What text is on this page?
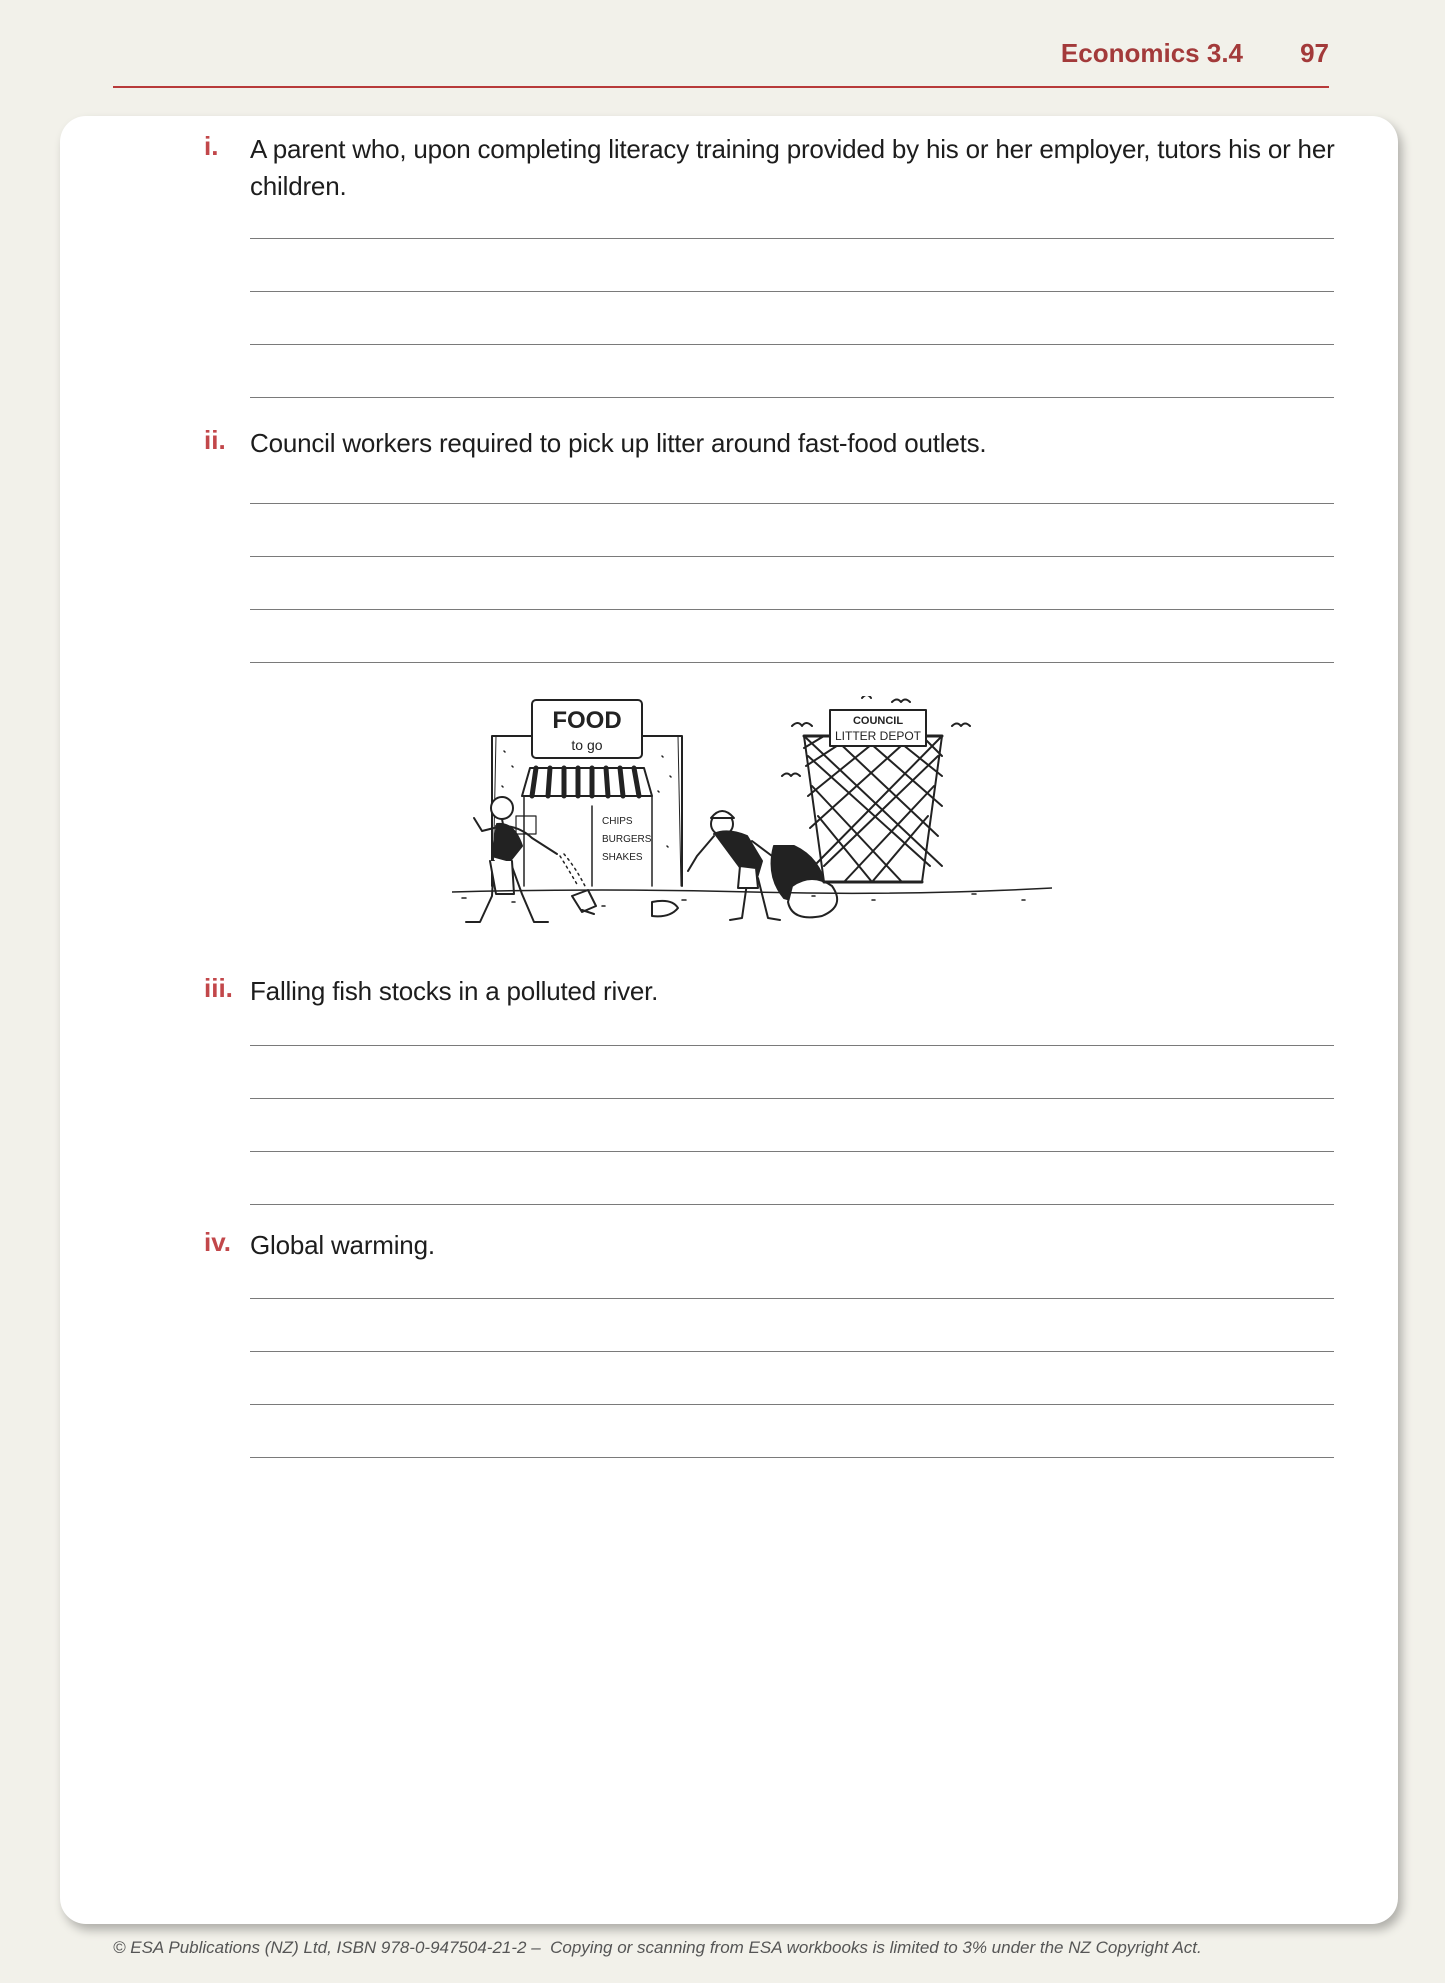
Economics 3.4 97
i. A parent who, upon completing literacy training provided by his or her employer, tutors his or her children.
ii. Council workers required to pick up litter around fast-food outlets.
FOOD
to go
CHIPS
BURGERS
SHAKES
COUNCIL
LITTER DEPOT
iii. Falling fish stocks in a polluted river.
iv. Global warming.
© ESA Publications (NZ) Ltd, ISBN 978-0-947504-21-2 –  Copying or scanning from ESA workbooks is limited to 3% under the NZ Copyright Act.
